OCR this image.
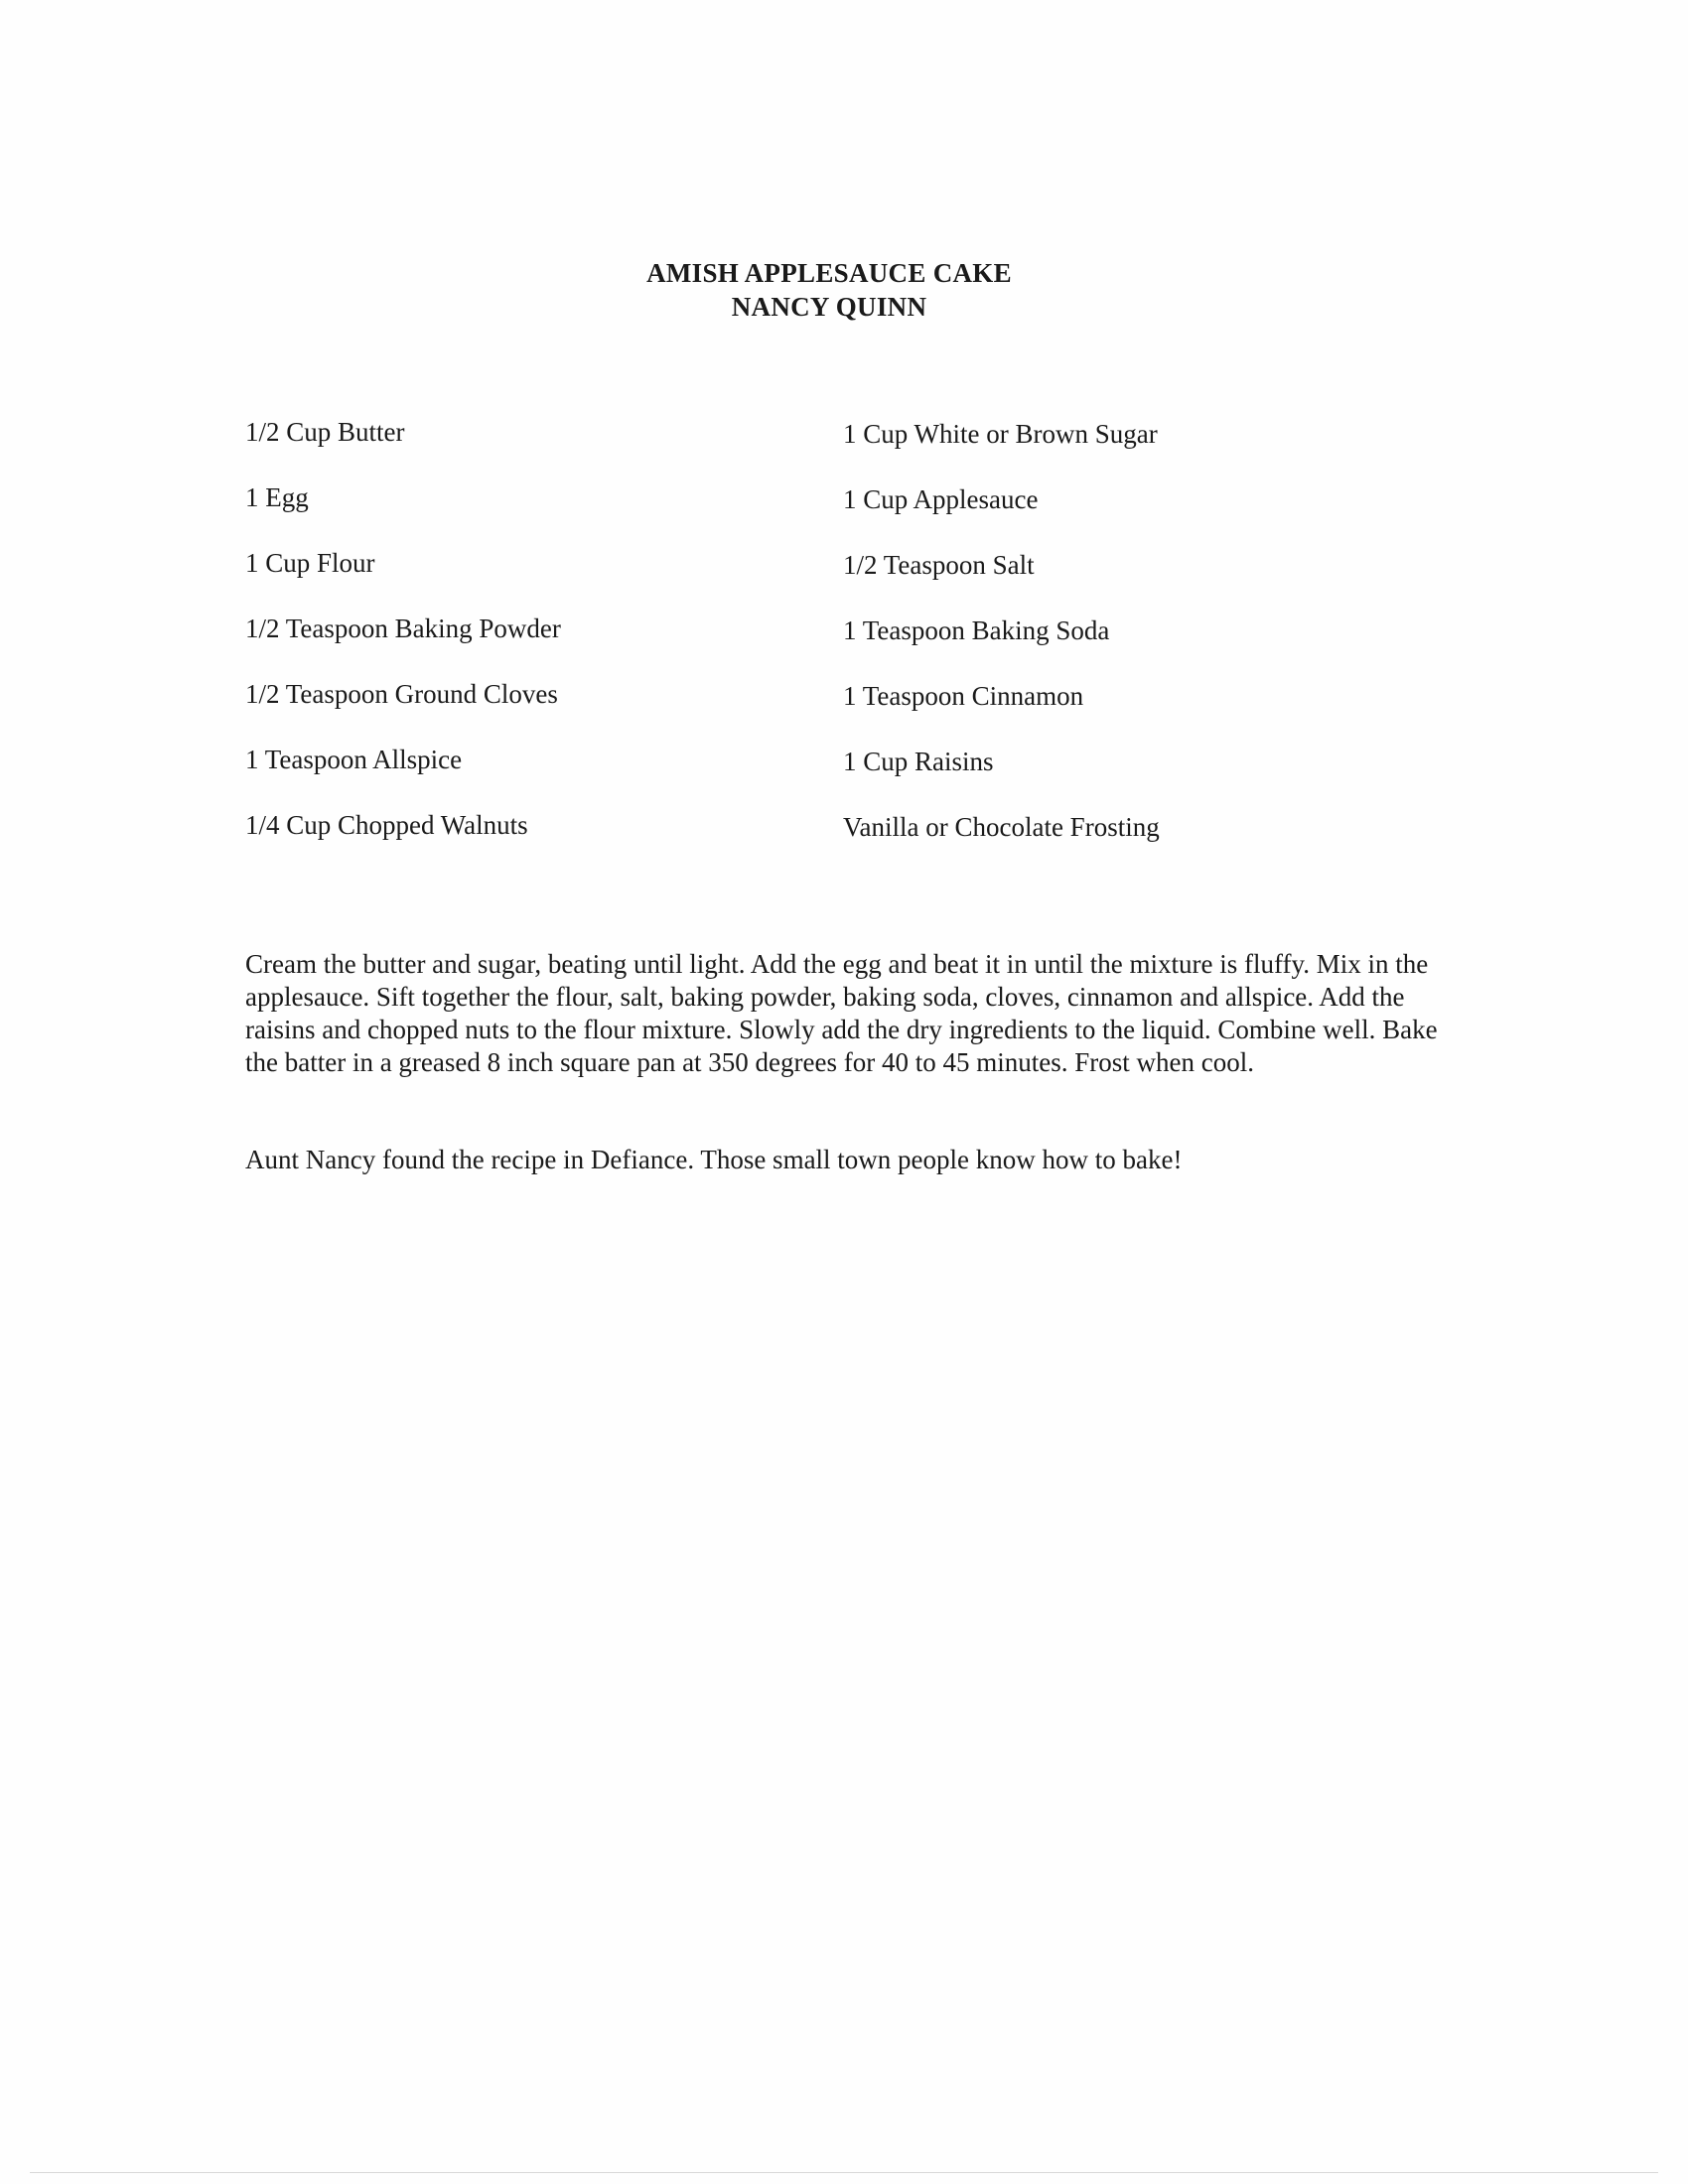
AMISH APPLESAUCE CAKE
NANCY QUINN
1/2 Cup Butter	1 Cup White or Brown Sugar
1 Egg	1 Cup Applesauce
1 Cup Flour	1/2 Teaspoon Salt
1/2 Teaspoon Baking Powder	1 Teaspoon Baking Soda
1/2 Teaspoon Ground Cloves	1 Teaspoon Cinnamon
1 Teaspoon Allspice	1 Cup Raisins
1/4 Cup Chopped Walnuts	Vanilla or Chocolate Frosting

Cream the butter and sugar, beating until light. Add the egg and beat it in until the mixture is fluffy. Mix in the applesauce. Sift together the flour, salt, baking powder, baking soda, cloves, cinnamon and allspice. Add the raisins and chopped nuts to the flour mixture. Slowly add the dry ingredients to the liquid. Combine well. Bake the batter in a greased 8 inch square pan at 350 degrees for 40 to 45 minutes. Frost when cool.

Aunt Nancy found the recipe in Defiance. Those small town people know how to bake!
